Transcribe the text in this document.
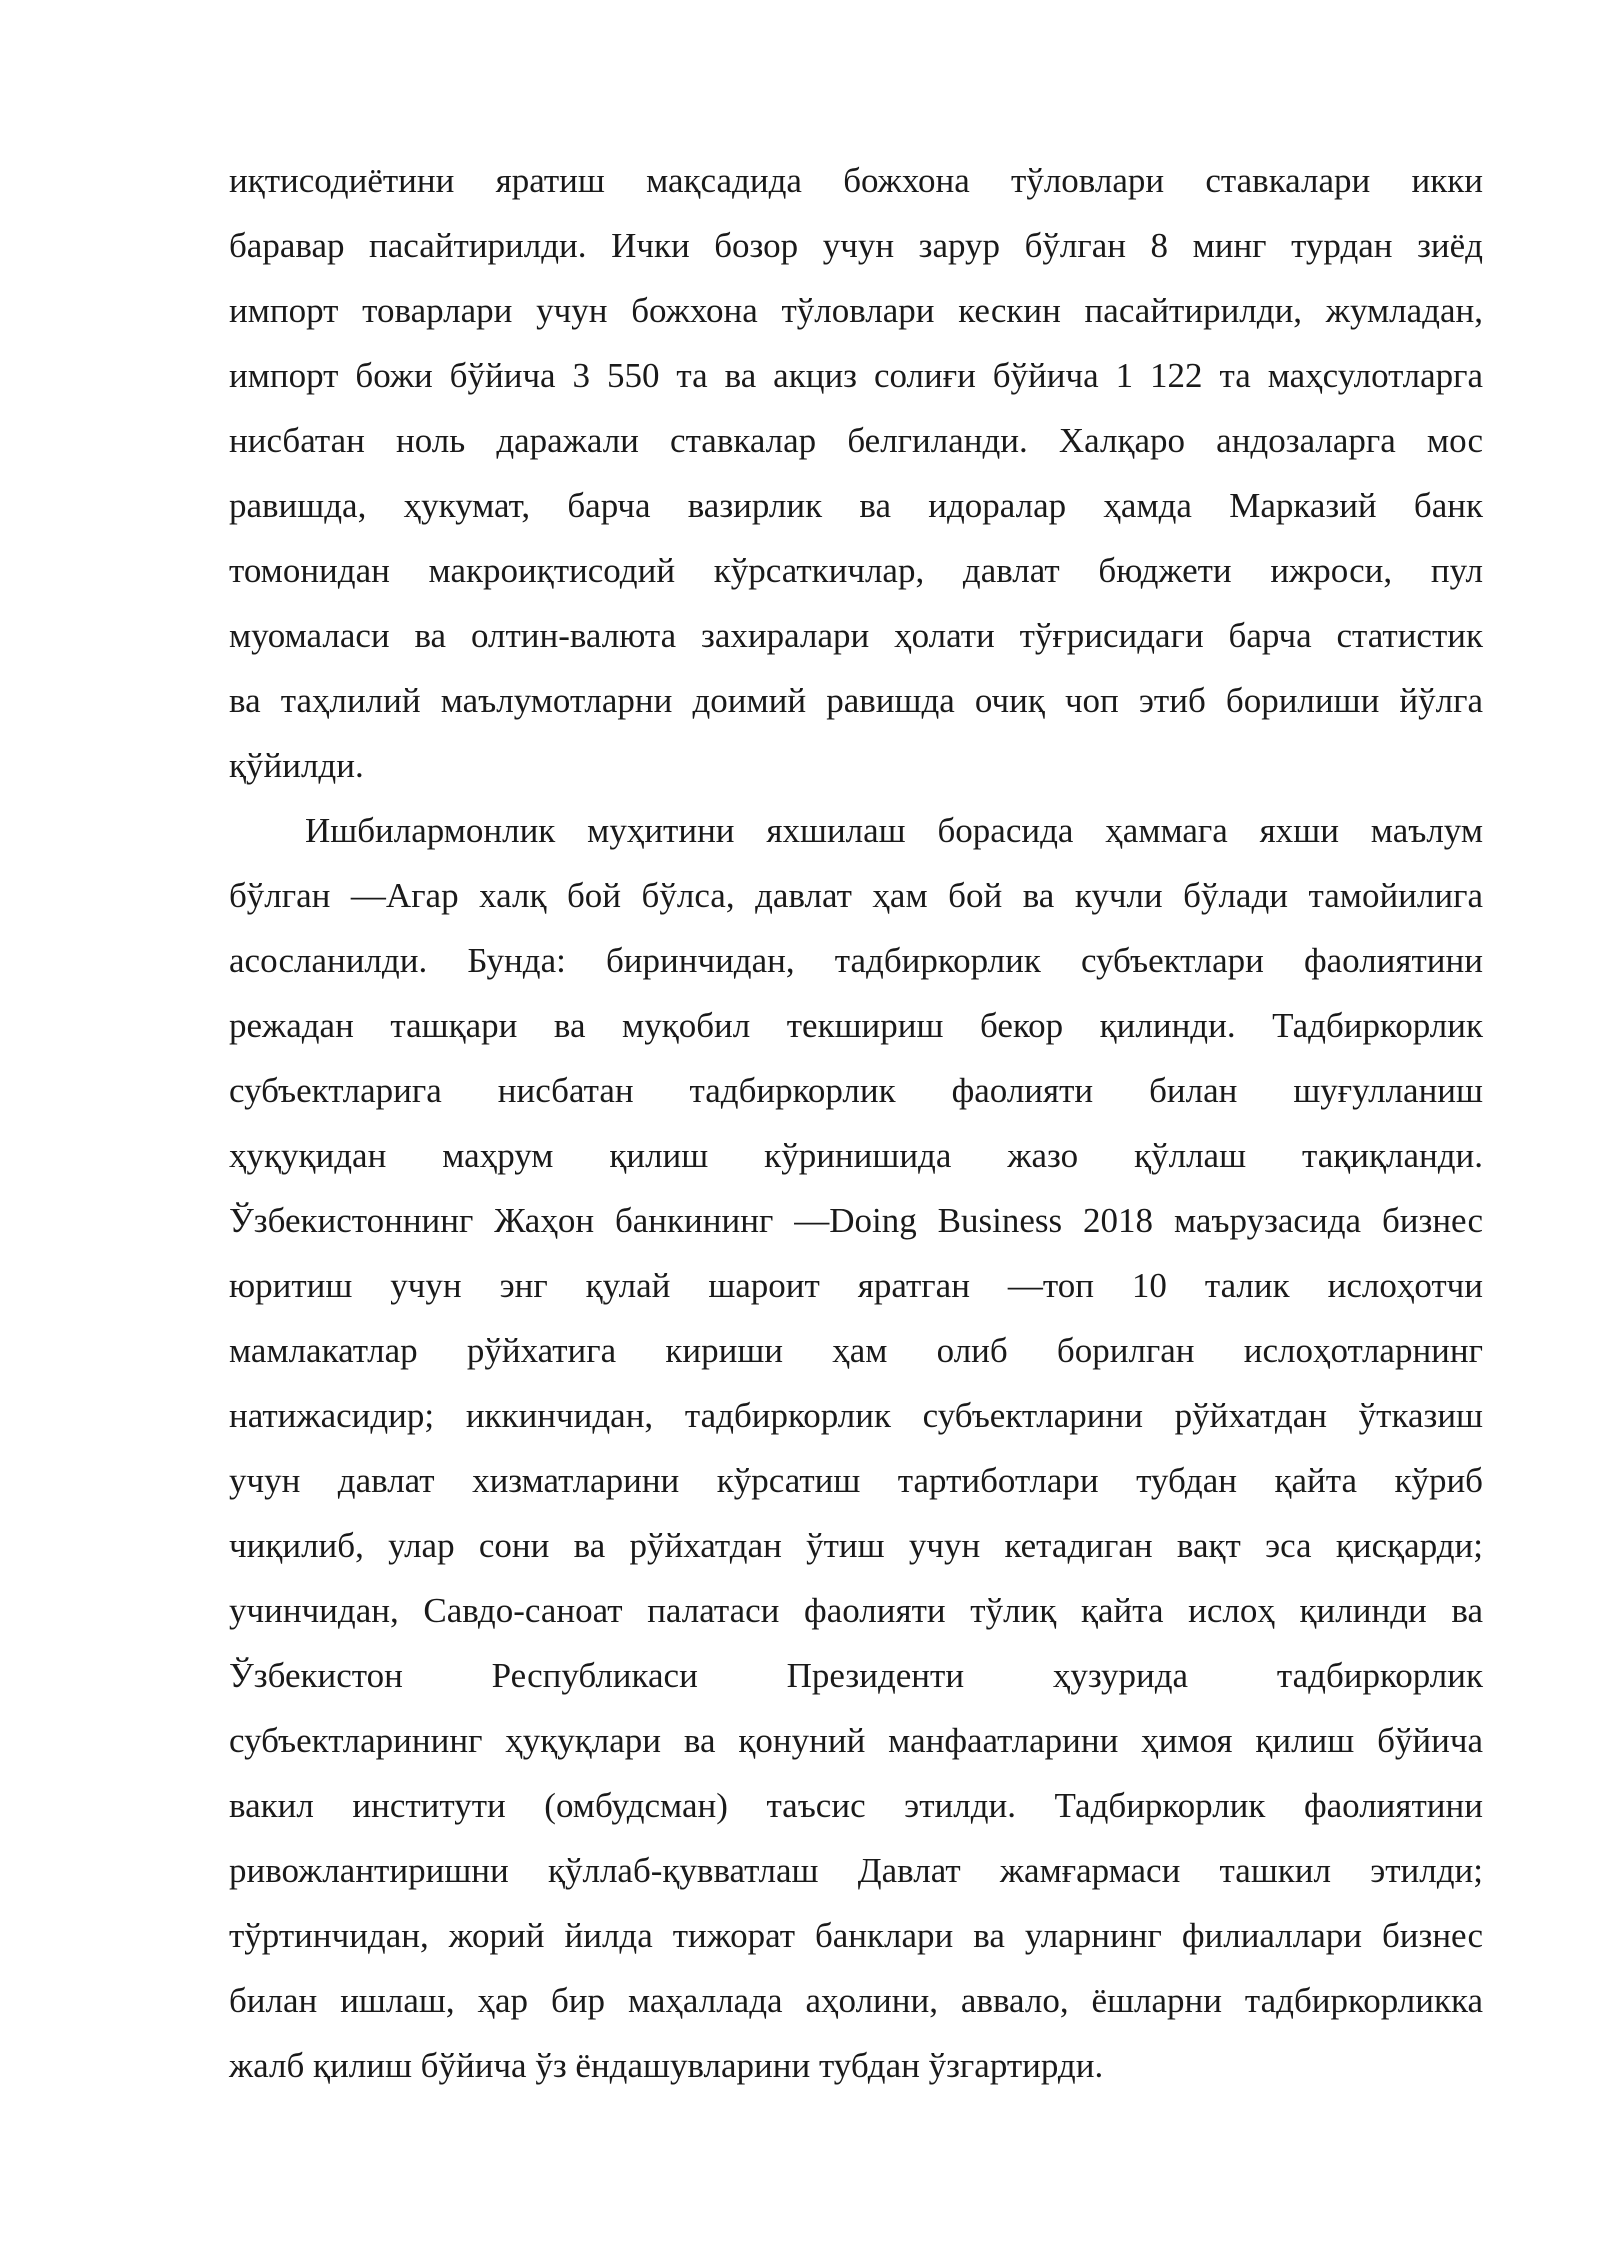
иқтисодиётини яратиш мақсадида божхона тўловлари ставкалари икки
баравар пасайтирилди. Ички бозор учун зарур бўлган 8 минг турдан зиёд
импорт товарлари учун божхона тўловлари кескин пасайтирилди, жумладан,
импорт божи бўйича 3 550 та ва акциз солиғи бўйича 1 122 та маҳсулотларга
нисбатан ноль даражали ставкалар белгиланди. Халқаро андозаларга мос
равишда, ҳукумат, барча вазирлик ва идоралар ҳамда Марказий банк
томонидан макроиқтисодий кўрсаткичлар, давлат бюджети ижроси, пул
муомаласи ва олтин-валюта захиралари ҳолати тўғрисидаги барча статистик
ва таҳлилий маълумотларни доимий равишда очиқ чоп этиб борилиши йўлга
қўйилди.
Ишбилармонлик муҳитини яхшилаш борасида ҳаммага яхши маълум
бўлган ―Агар халқ бой бўлса, давлат ҳам бой ва кучли бўлади тамойилига
асосланилди. Бунда: биринчидан, тадбиркорлик субъектлари фаолиятини
режадан ташқари ва муқобил текшириш бекор қилинди. Тадбиркорлик
субъектларига нисбатан тадбиркорлик фаолияти билан шуғулланиш
ҳуқуқидан маҳрум қилиш кўринишида жазо қўллаш тақиқланди.
Ўзбекистоннинг Жаҳон банкининг ―Doing Business 2018 маърузасида бизнес
юритиш учун энг қулай шароит яратган ―топ 10 талик ислоҳотчи
мамлакатлар рўйхатига кириши ҳам олиб борилган ислоҳотларнинг
натижасидир; иккинчидан, тадбиркорлик субъектларини рўйхатдан ўтказиш
учун давлат хизматларини кўрсатиш тартиботлари тубдан қайта кўриб
чиқилиб, улар сони ва рўйхатдан ўтиш учун кетадиган вақт эса қисқарди;
учинчидан, Савдо-саноат палатаси фаолияти тўлиқ қайта ислоҳ қилинди ва
Ўзбекистон Республикаси Президенти ҳузурида тадбиркорлик
субъектларининг ҳуқуқлари ва қонуний манфаатларини ҳимоя қилиш бўйича
вакил институти (омбудсман) таъсис этилди. Тадбиркорлик фаолиятини
ривожлантиришни қўллаб-қувватлаш Давлат жамғармаси ташкил этилди;
тўртинчидан, жорий йилда тижорат банклари ва уларнинг филиаллари бизнес
билан ишлаш, ҳар бир маҳаллада аҳолини, аввало, ёшларни тадбиркорликка
жалб қилиш бўйича ўз ёндашувларини тубдан ўзгартирди.
